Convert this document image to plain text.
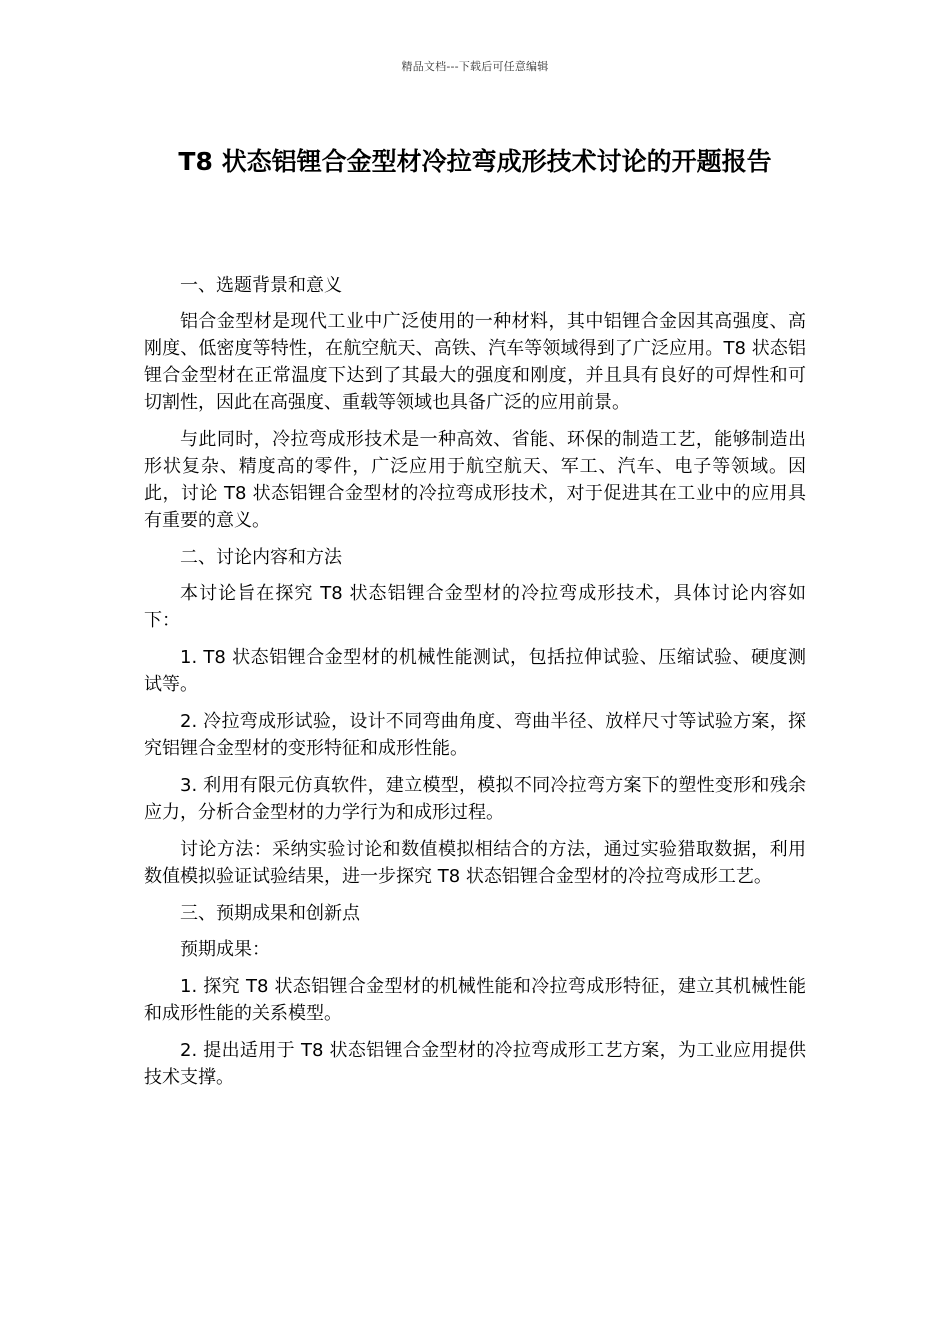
精品文档---下载后可任意编辑
T8 状态铝锂合金型材冷拉弯成形技术讨论的开题报告

一、选题背景和意义

铝合金型材是现代工业中广泛使用的一种材料，其中铝锂合金因其高强度、高刚度、低密度等特性，在航空航天、高铁、汽车等领域得到了广泛应用。T8 状态铝锂合金型材在正常温度下达到了其最大的强度和刚度，并且具有良好的可焊性和可切割性，因此在高强度、重载等领域也具备广泛的应用前景。

与此同时，冷拉弯成形技术是一种高效、省能、环保的制造工艺，能够制造出形状复杂、精度高的零件，广泛应用于航空航天、军工、汽车、电子等领域。因此，讨论 T8 状态铝锂合金型材的冷拉弯成形技术，对于促进其在工业中的应用具有重要的意义。

二、讨论内容和方法

本讨论旨在探究 T8 状态铝锂合金型材的冷拉弯成形技术，具体讨论内容如下：

1. T8 状态铝锂合金型材的机械性能测试，包括拉伸试验、压缩试验、硬度测试等。

2. 冷拉弯成形试验，设计不同弯曲角度、弯曲半径、放样尺寸等试验方案，探究铝锂合金型材的变形特征和成形性能。

3. 利用有限元仿真软件，建立模型，模拟不同冷拉弯方案下的塑性变形和残余应力，分析合金型材的力学行为和成形过程。

讨论方法：采纳实验讨论和数值模拟相结合的方法，通过实验猎取数据，利用数值模拟验证试验结果，进一步探究 T8 状态铝锂合金型材的冷拉弯成形工艺。

三、预期成果和创新点

预期成果：

1. 探究 T8 状态铝锂合金型材的机械性能和冷拉弯成形特征，建立其机械性能和成形性能的关系模型。

2. 提出适用于 T8 状态铝锂合金型材的冷拉弯成形工艺方案，为工业应用提供技术支撑。
